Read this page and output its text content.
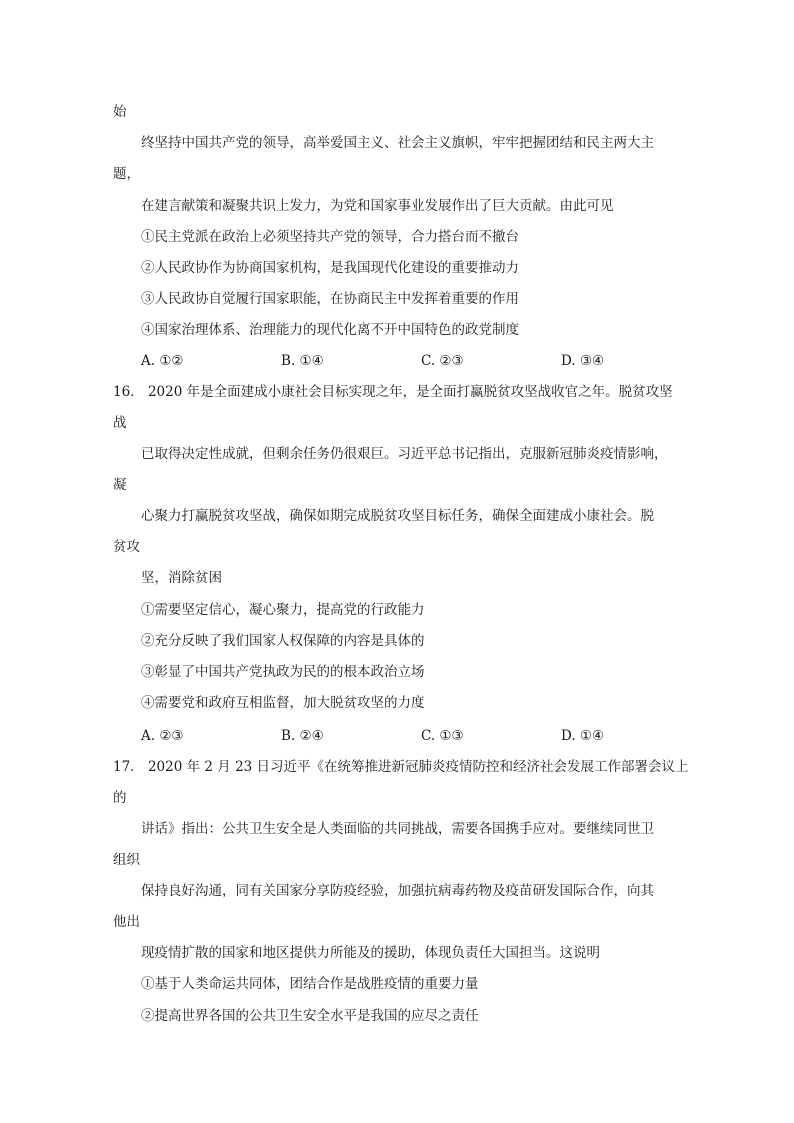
始
终坚持中国共产党的领导，高举爱国主义、社会主义旗帜，牢牢把握团结和民主两大主
题，
在建言献策和凝聚共识上发力，为党和国家事业发展作出了巨大贡献。由此可见
①民主党派在政治上必须坚持共产党的领导，合力搭台而不撤台
②人民政协作为协商国家机构，是我国现代化建设的重要推动力
③人民政协自觉履行国家职能，在协商民主中发挥着重要的作用
④国家治理体系、治理能力的现代化离不开中国特色的政党制度
A. ①②	B. ①④	C. ②③	D. ③④
16． 2020 年是全面建成小康社会目标实现之年，是全面打赢脱贫攻坚战收官之年。脱贫攻坚
战
已取得决定性成就，但剩余任务仍很艰巨。习近平总书记指出，克服新冠肺炎疫情影响，
凝
心聚力打赢脱贫攻坚战，确保如期完成脱贫攻坚目标任务，确保全面建成小康社会。脱
贫攻
坚，消除贫困
①需要坚定信心，凝心聚力，提高党的行政能力
②充分反映了我们国家人权保障的内容是具体的
③彰显了中国共产党执政为民的的根本政治立场
④需要党和政府互相监督，加大脱贫攻坚的力度
A. ②③	B. ②④	C. ①③	D. ①④
17． 2020 年 2 月 23 日习近平《在统筹推进新冠肺炎疫情防控和经济社会发展工作部署会议上
的
讲话》指出：公共卫生安全是人类面临的共同挑战，需要各国携手应对。要继续同世卫
组织
保持良好沟通，同有关国家分享防疫经验，加强抗病毒药物及疫苗研发国际合作，向其
他出
现疫情扩散的国家和地区提供力所能及的援助，体现负责任大国担当。这说明
①基于人类命运共同体，团结合作是战胜疫情的重要力量
②提高世界各国的公共卫生安全水平是我国的应尽之责任
